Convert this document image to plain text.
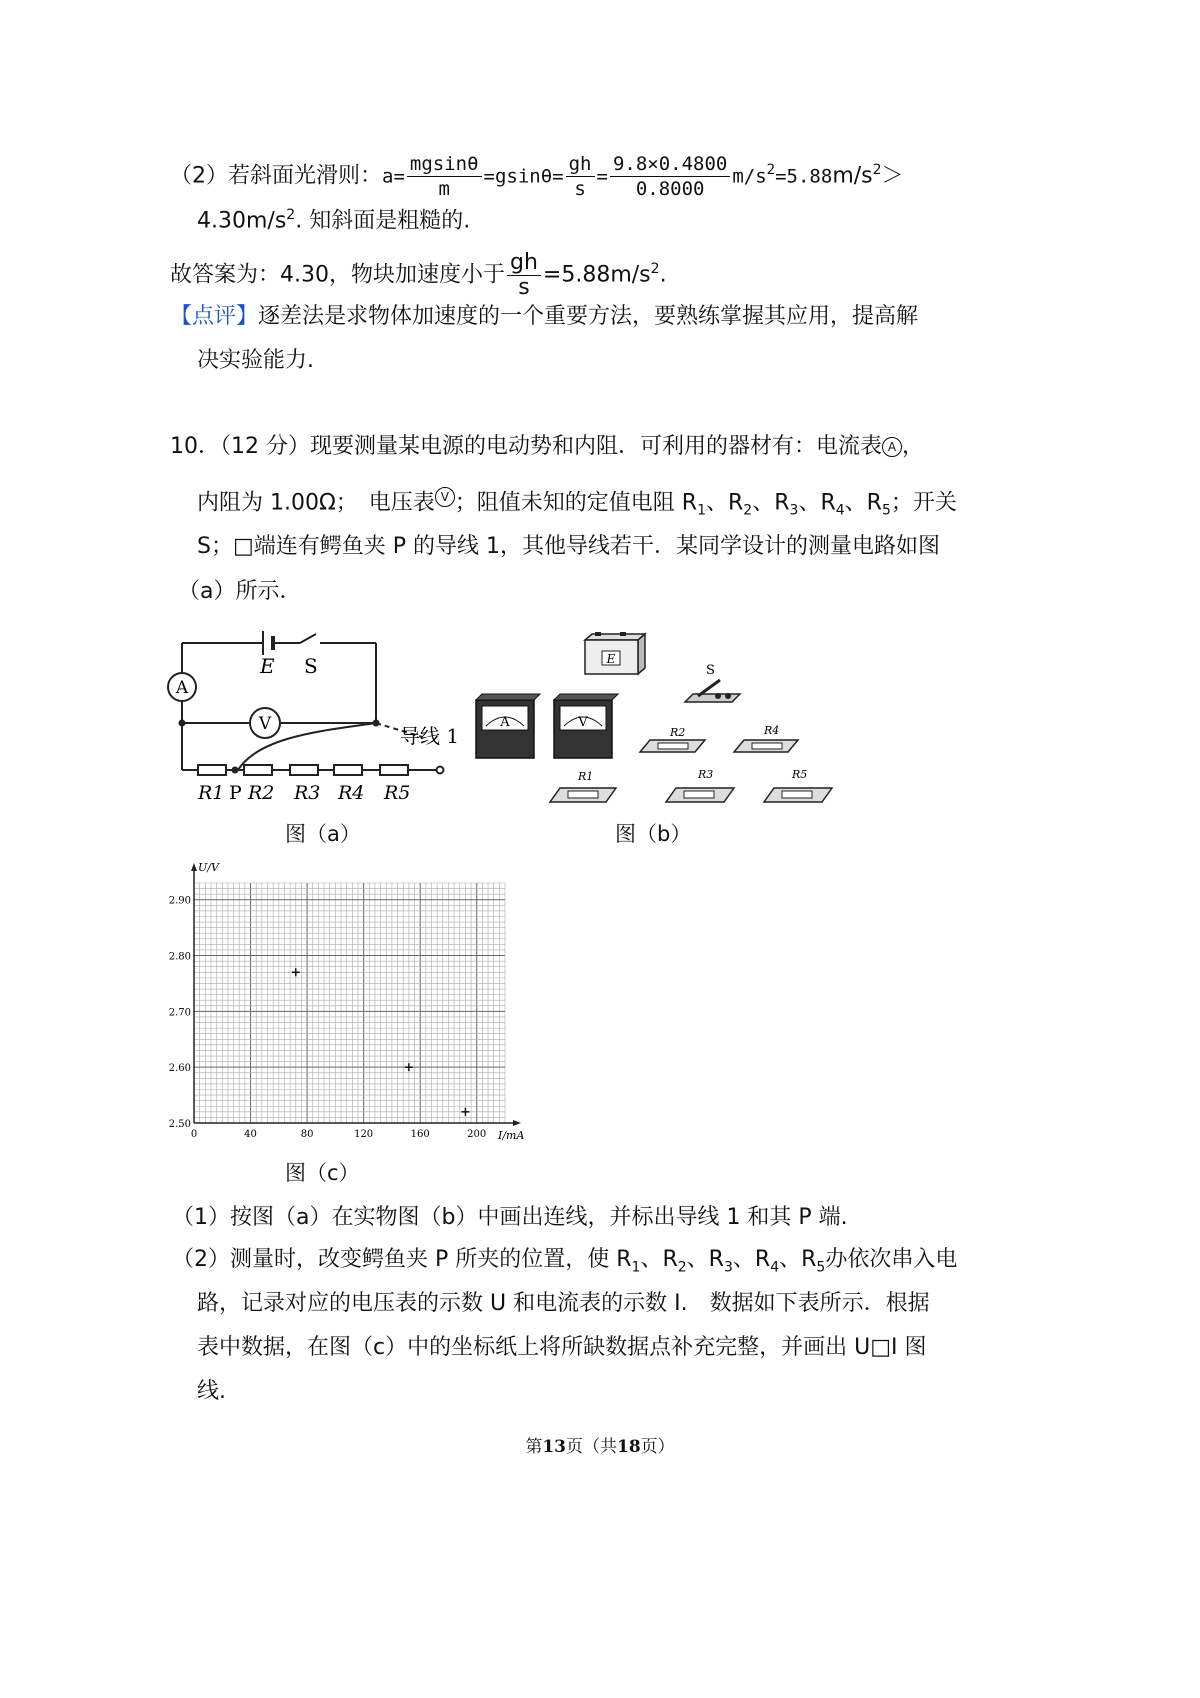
（2）若斜面光滑则：$a= \frac{mgsin\theta}{m} =gsin\theta= \frac{gh}{s} = \frac{9.8\times 0.4800}{0.8000} m/s^2=5.88m/s^2>$
$4.30m/s^2$. 知斜面是粗糙的.
故答案为：4.30，物块加速度小于 $\frac{gh}{s} =5.88m/s^2$.
【点评】逐差法是求物体加速度的一个重要方法，要熟练掌握其应用，提高解
决实验能力.
10．（12 分）现要测量某电源的电动势和内阻．可利用的器材有：电流表 A ，
内阻为 1.00Ω；　电压表 V ；阻值未知的定值电阻 $R_1$、$R_2$、$R_3$、$R_4$、$R_5$；开关
S；□端连有鳄鱼夹 P 的导线 1，其他导线若干．某同学设计的测量电路如图
（a）所示．
A
V
E S
导线 1
R1 P R2 R3 R4 R5
图（a）
E
S
A	V
R2	R4
R1	R3	R5
图（b）
0	40	80	120	160	200
2.50
2.60
2.70
2.80
2.90
U/V
I/mA
图（c）
（1）按图（a）在实物图（b）中画出连线，并标出导线 1 和其 P 端.
（2）测量时，改变鳄鱼夹 P 所夹的位置，使 $R_1$、$R_2$、$R_3$、$R_4$、$R_5$办依次串入电
路，记录对应的电压表的示数 U 和电流表的示数 I.　数据如下表所示．根据
表中数据，在图（c）中的坐标纸上将所缺数据点补充完整，并画出 U□I 图
线.
第13页（共18页）
